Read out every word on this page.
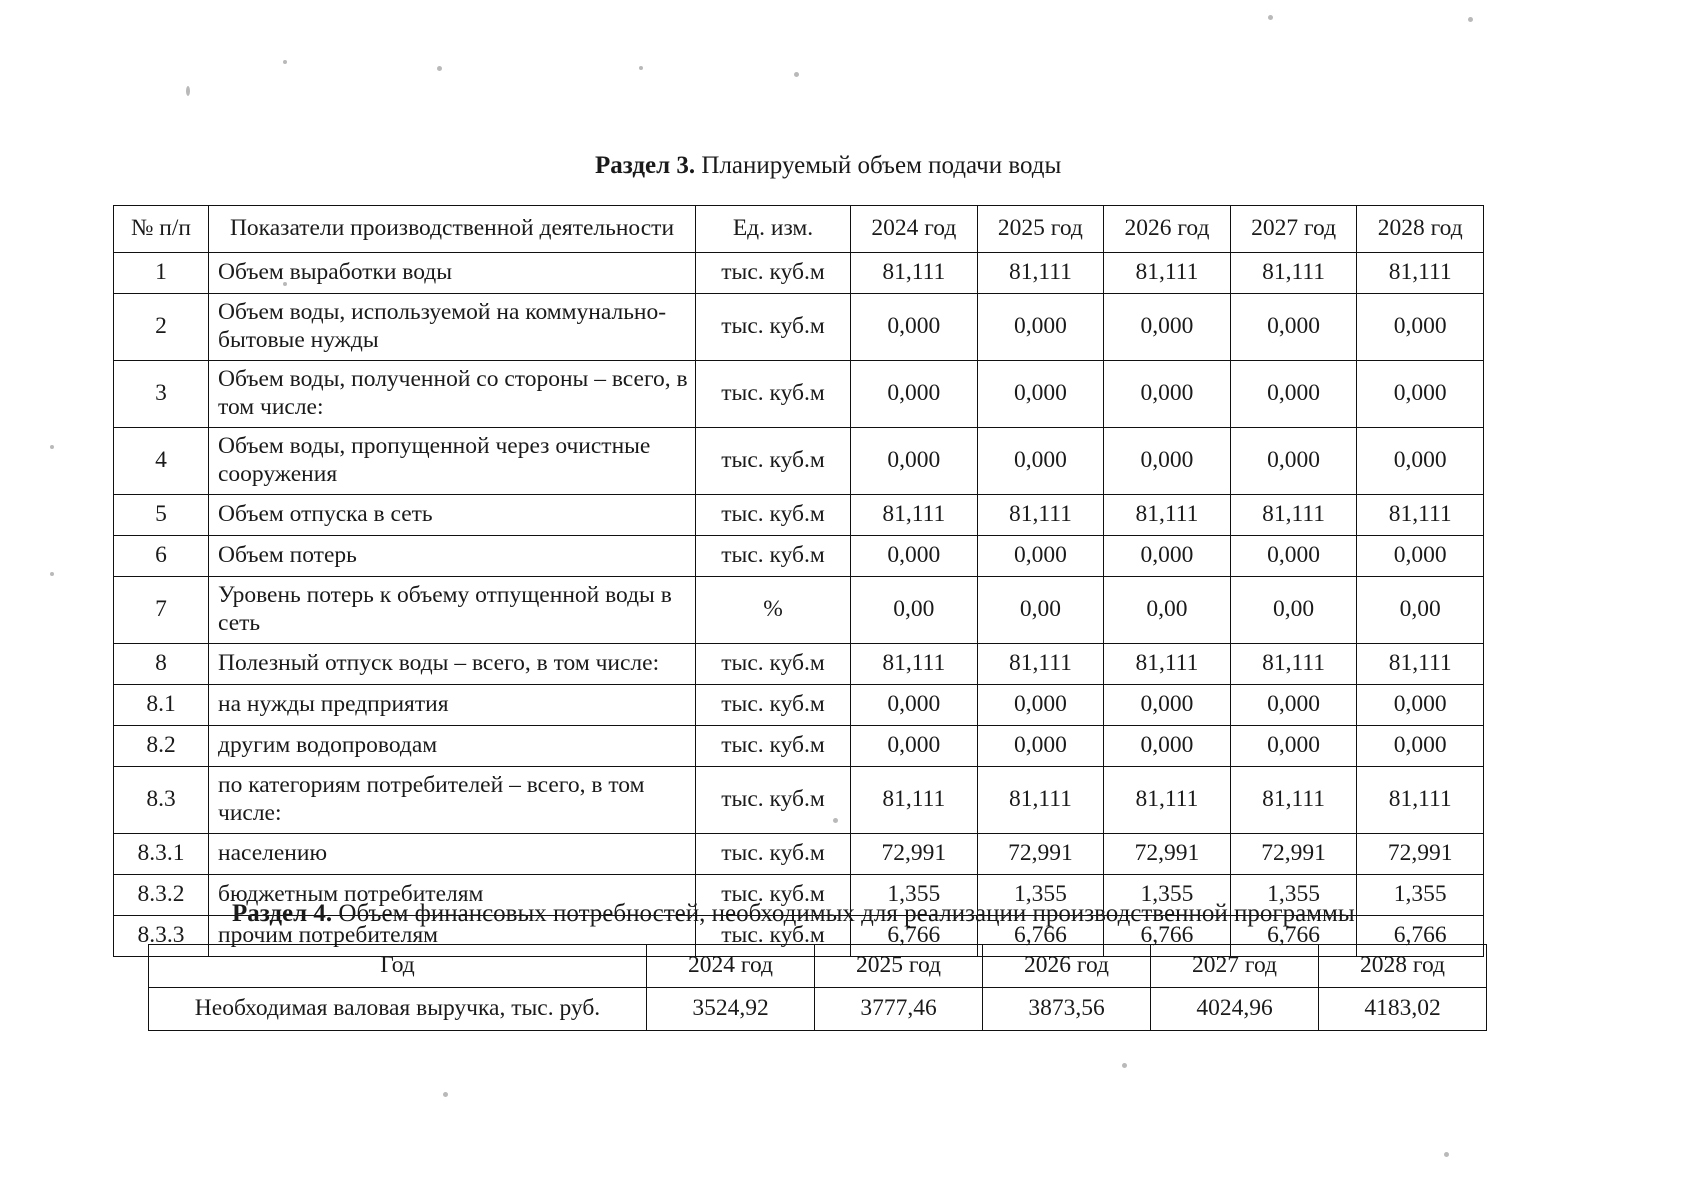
Раздел 3. Планируемый объем подачи воды
№ п/п	Показатели производственной деятельности	Ед. изм.	2024 год	2025 год	2026 год	2027 год	2028 год
1	Объем выработки воды	тыс. куб.м	81,111	81,111	81,111	81,111	81,111
2	Объем воды, используемой на коммунально-бытовые нужды	тыс. куб.м	0,000	0,000	0,000	0,000	0,000
3	Объем воды, полученной со стороны – всего, в том числе:	тыс. куб.м	0,000	0,000	0,000	0,000	0,000
4	Объем воды, пропущенной через очистные сооружения	тыс. куб.м	0,000	0,000	0,000	0,000	0,000
5	Объем отпуска в сеть	тыс. куб.м	81,111	81,111	81,111	81,111	81,111
6	Объем потерь	тыс. куб.м	0,000	0,000	0,000	0,000	0,000
7	Уровень потерь к объему отпущенной воды в сеть	%	0,00	0,00	0,00	0,00	0,00
8	Полезный отпуск воды – всего, в том числе:	тыс. куб.м	81,111	81,111	81,111	81,111	81,111
8.1	на нужды предприятия	тыс. куб.м	0,000	0,000	0,000	0,000	0,000
8.2	другим водопроводам	тыс. куб.м	0,000	0,000	0,000	0,000	0,000
8.3	по категориям потребителей – всего, в том числе:	тыс. куб.м	81,111	81,111	81,111	81,111	81,111
8.3.1	населению	тыс. куб.м	72,991	72,991	72,991	72,991	72,991
8.3.2	бюджетным потребителям	тыс. куб.м	1,355	1,355	1,355	1,355	1,355
8.3.3	прочим потребителям	тыс. куб.м	6,766	6,766	6,766	6,766	6,766
Раздел 4. Объем финансовых потребностей, необходимых для реализации производственной программы
Год	2024 год	2025 год	2026 год	2027 год	2028 год
Необходимая валовая выручка, тыс. руб.	3524,92	3777,46	3873,56	4024,96	4183,02
